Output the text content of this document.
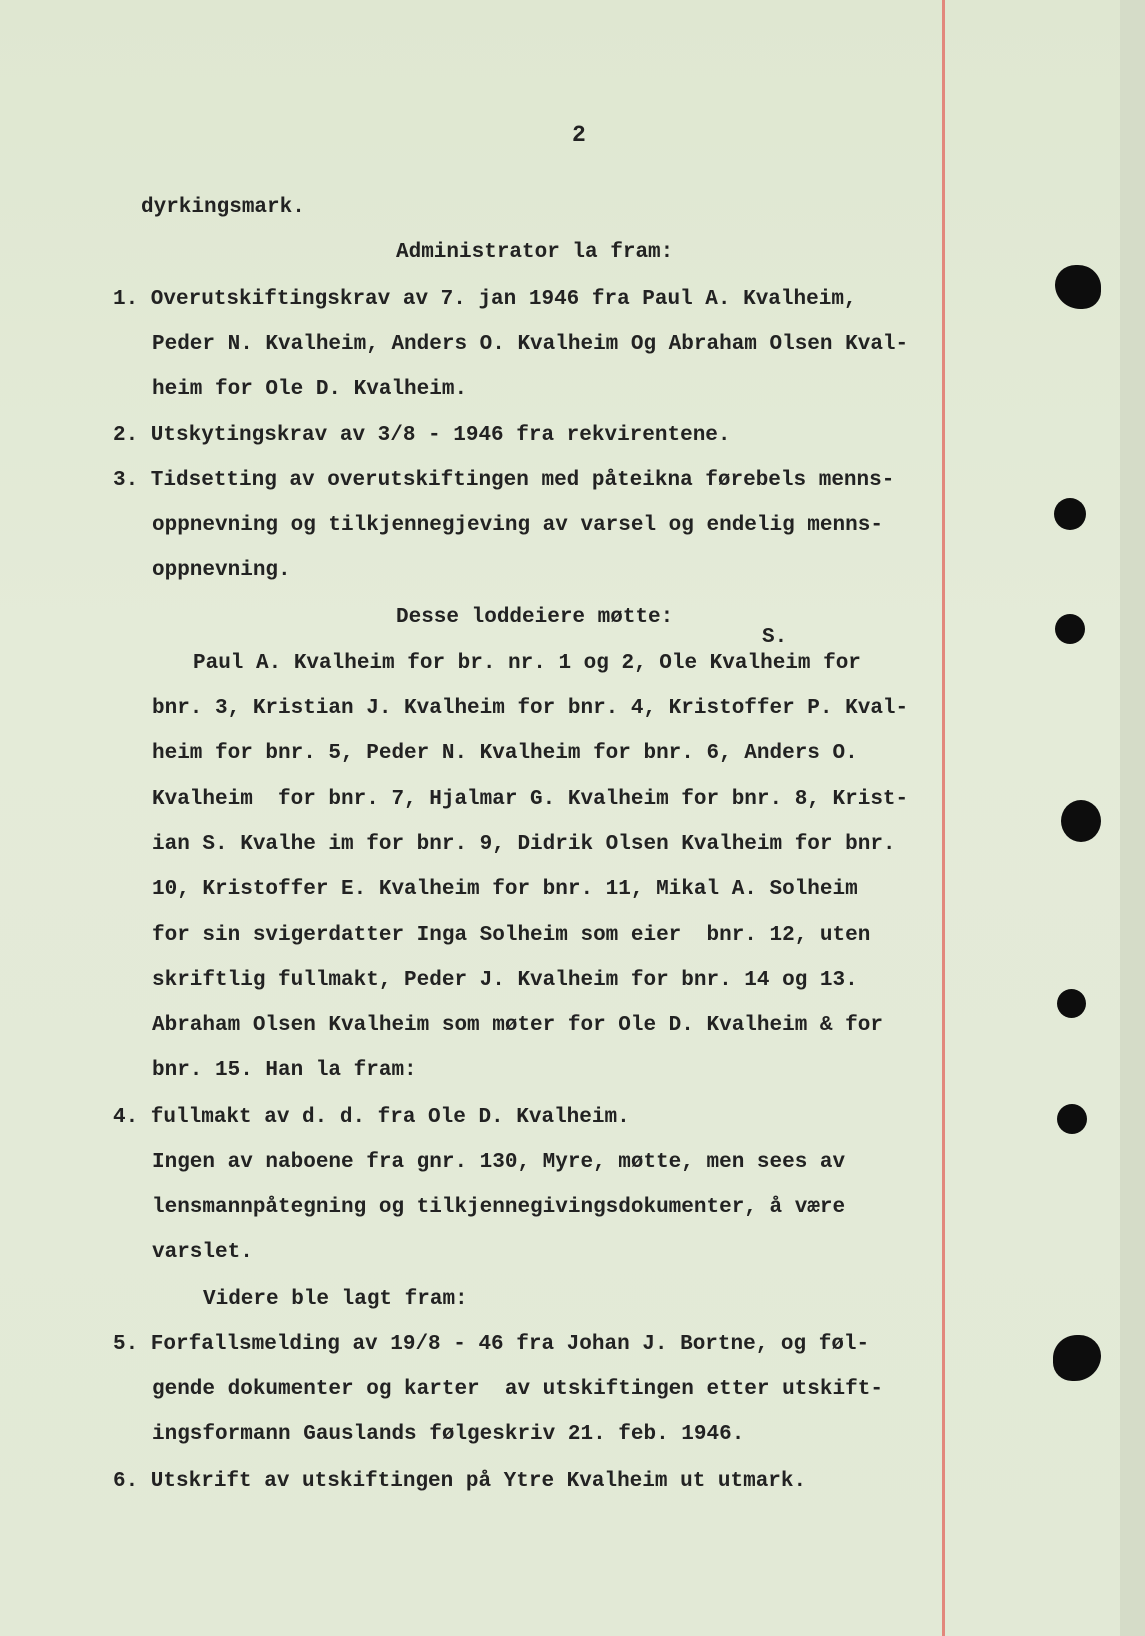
2
dyrkingsmark.
Administrator la fram:
1. Overutskiftingskrav av 7. jan 1946 fra Paul A. Kvalheim,
Peder N. Kvalheim, Anders O. Kvalheim Og Abraham Olsen Kval-
heim for Ole D. Kvalheim.
2. Utskytingskrav av 3/8 - 1946 fra rekvirentene.
3. Tidsetting av overutskiftingen med påteikna førebels menns-
oppnevning og tilkjennegjeving av varsel og endelig menns-
oppnevning.
Desse loddeiere møtte:
S.
Paul A. Kvalheim for br. nr. 1 og 2, Ole Kvalheim for
bnr. 3, Kristian J. Kvalheim for bnr. 4, Kristoffer P. Kval-
heim for bnr. 5, Peder N. Kvalheim for bnr. 6, Anders O.
Kvalheim  for bnr. 7, Hjalmar G. Kvalheim for bnr. 8, Krist-
ian S. Kvalhe im for bnr. 9, Didrik Olsen Kvalheim for bnr.
10, Kristoffer E. Kvalheim for bnr. 11, Mikal A. Solheim
for sin svigerdatter Inga Solheim som eier  bnr. 12, uten
skriftlig fullmakt, Peder J. Kvalheim for bnr. 14 og 13.
Abraham Olsen Kvalheim som møter for Ole D. Kvalheim & for
bnr. 15. Han la fram:
4. fullmakt av d. d. fra Ole D. Kvalheim.
Ingen av naboene fra gnr. 130, Myre, møtte, men sees av
lensmannpåtegning og tilkjennegivingsdokumenter, å være
varslet.
Videre ble lagt fram:
5. Forfallsmelding av 19/8 - 46 fra Johan J. Bortne, og føl-
gende dokumenter og karter  av utskiftingen etter utskift-
ingsformann Gauslands følgeskriv 21. feb. 1946.
6. Utskrift av utskiftingen på Ytre Kvalheim ut utmark.
